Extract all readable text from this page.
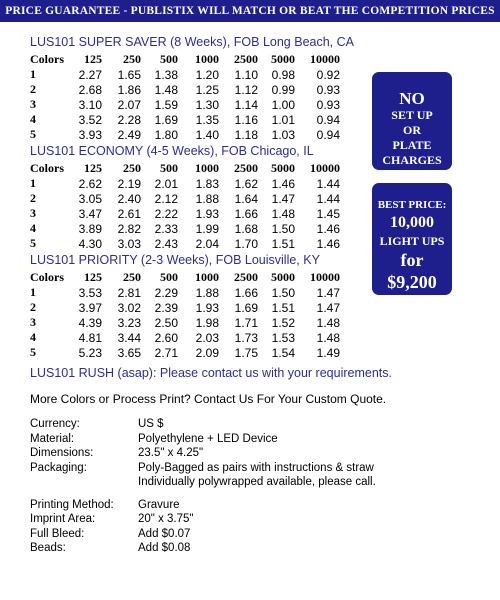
PRICE GUARANTEE - PUBLISTIX WILL MATCH OR BEAT THE COMPETITION PRICES
LUS101 SUPER SAVER (8 Weeks), FOB Long Beach, CA
Colors	125	250	500	1000	2500	5000	10000
1	2.27	1.65	1.38	1.20	1.10	0.98	0.92
2	2.68	1.86	1.48	1.25	1.12	0.99	0.93
3	3.10	2.07	1.59	1.30	1.14	1.00	0.93
4	3.52	2.28	1.69	1.35	1.16	1.01	0.94
5	3.93	2.49	1.80	1.40	1.18	1.03	0.94
LUS101 ECONOMY (4-5 Weeks), FOB Chicago, IL
Colors	125	250	500	1000	2500	5000	10000
1	2.62	2.19	2.01	1.83	1.62	1.46	1.44
2	3.05	2.40	2.12	1.88	1.64	1.47	1.44
3	3.47	2.61	2.22	1.93	1.66	1.48	1.45
4	3.89	2.82	2.33	1.99	1.68	1.50	1.46
5	4.30	3.03	2.43	2.04	1.70	1.51	1.46
LUS101 PRIORITY (2-3 Weeks), FOB Louisville, KY
Colors	125	250	500	1000	2500	5000	10000
1	3.53	2.81	2.29	1.88	1.66	1.50	1.47
2	3.97	3.02	2.39	1.93	1.69	1.51	1.47
3	4.39	3.23	2.50	1.98	1.71	1.52	1.48
4	4.81	3.44	2.60	2.03	1.73	1.53	1.48
5	5.23	3.65	2.71	2.09	1.75	1.54	1.49
NO
SET UP
OR
PLATE
CHARGES
BEST PRICE:
10,000
LIGHT UPS
for
$9,200
LUS101 RUSH (asap): Please contact us with your requirements.
More Colors or Process Print? Contact Us For Your Custom Quote.
Currency:	US $
Material:	Polyethylene + LED Device
Dimensions:	23.5" x 4.25"
Packaging:	Poly-Bagged as pairs with instructions & straw
Individually polywrapped available, please call.
Printing Method: Gravure
Imprint Area:	20" x 3.75"
Full Bleed:	Add $0.07
Beads:	Add $0.08
